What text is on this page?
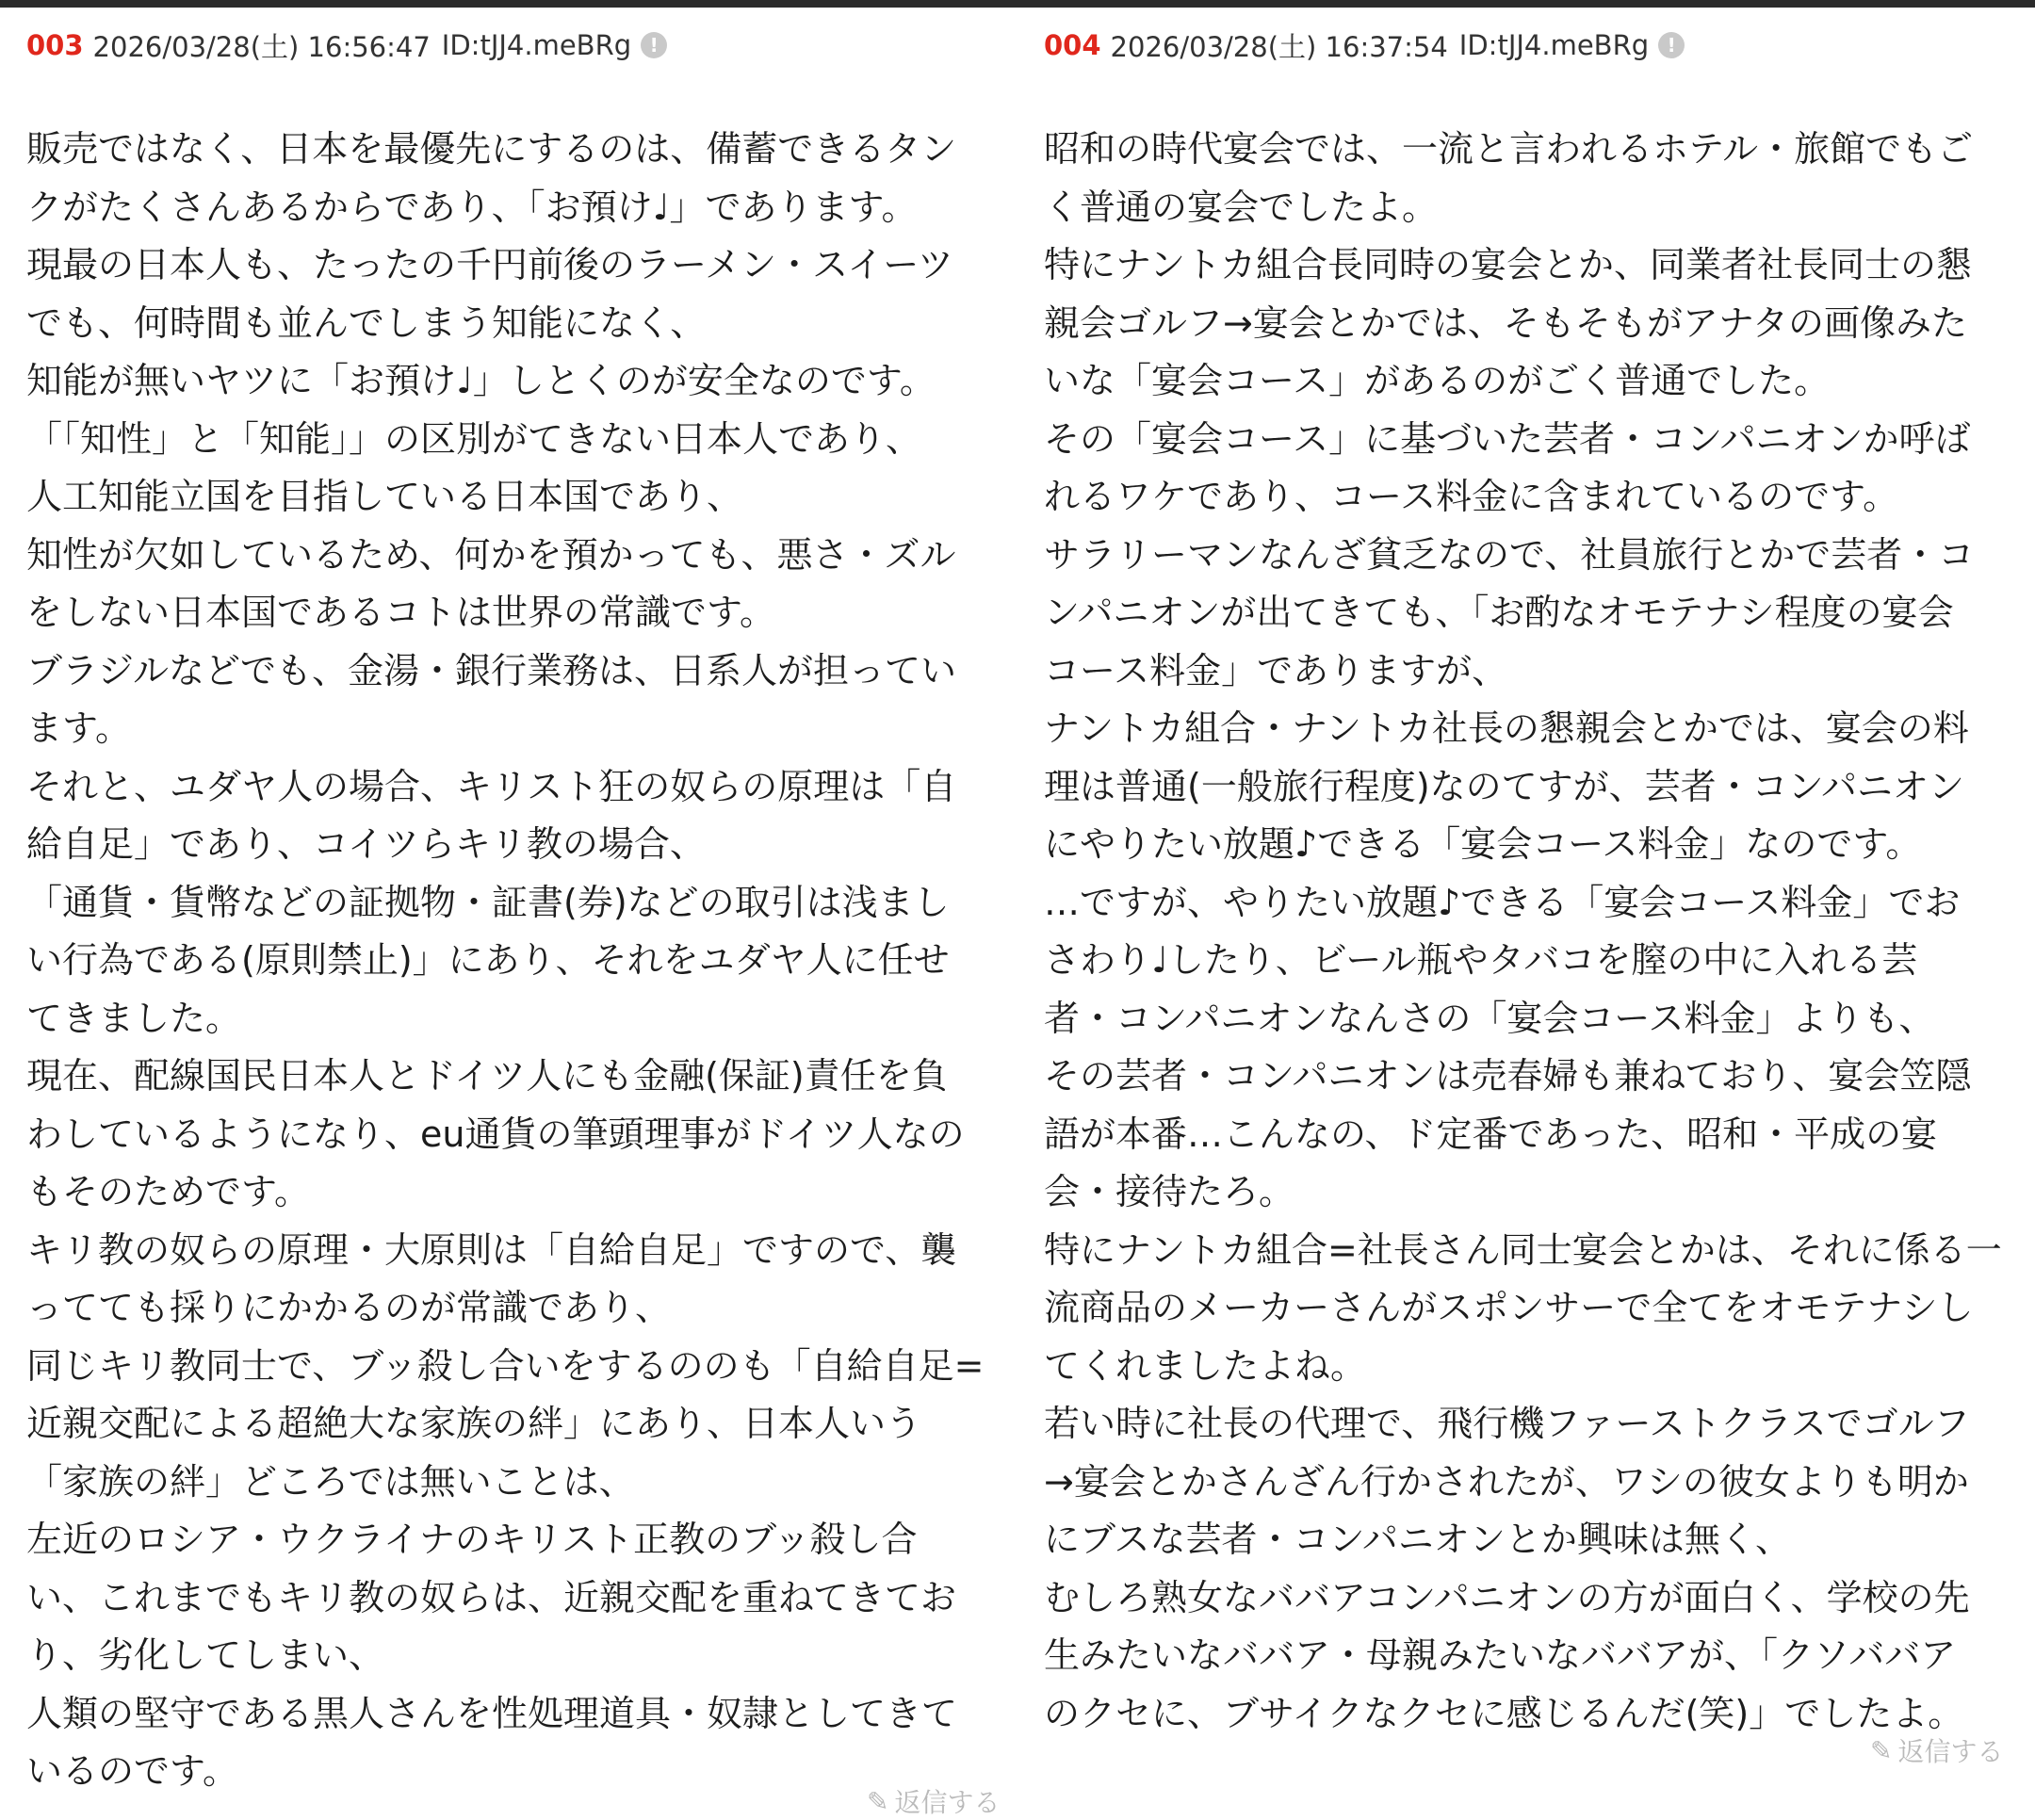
003 2026/03/28(土) 16:56:47 ID:tJJ4.meBRg !
販売ではなく、日本を最優先にするのは、備蓄できるタン
クがたくさんあるからであり、「お預け♩」であります。
現最の日本人も、たったの千円前後のラーメン・スイーツ
でも、何時間も並んでしまう知能になく、
知能が無いヤツに「お預け♩」しとくのが安全なのです。
「「知性」と「知能」」の区別がてきない日本人であり、
人工知能立国を目指している日本国であり、
知性が欠如しているため、何かを預かっても、悪さ・ズル
をしない日本国であるコトは世界の常識です。
ブラジルなどでも、金湯・銀行業務は、日系人が担ってい
ます。
それと、ユダヤ人の場合、キリスト狂の奴らの原理は「自
給自足」であり、コイツらキリ教の場合、
「通貨・貨幣などの証拠物・証書(券)などの取引は浅まし
い行為である(原則禁止)」にあり、それをユダヤ人に任せ
てきました。
現在、配線国民日本人とドイツ人にも金融(保証)責任を負
わしているようになり、eu通貨の筆頭理事がドイツ人なの
もそのためです。
キリ教の奴らの原理・大原則は「自給自足」ですので、襲
ってても採りにかかるのが常識であり、
同じキリ教同士で、ブッ殺し合いをするののも「自給自足=
近親交配による超絶大な家族の絆」にあり、日本人いう
「家族の絆」どころでは無いことは、
左近のロシア・ウクライナのキリスト正教のブッ殺し合
い、これまでもキリ教の奴らは、近親交配を重ねてきてお
り、劣化してしまい、
人類の堅守である黒人さんを性処理道具・奴隷としてきて
いるのです。
004 2026/03/28(土) 16:37:54 ID:tJJ4.meBRg !
昭和の時代宴会では、一流と言われるホテル・旅館でもご
く普通の宴会でしたよ。
特にナントカ組合長同時の宴会とか、同業者社長同士の懇
親会ゴルフ→宴会とかでは、そもそもがアナタの画像みた
いな「宴会コース」があるのがごく普通でした。
その「宴会コース」に基づいた芸者・コンパニオンか呼ば
れるワケであり、コース料金に含まれているのです。
サラリーマンなんざ貧乏なので、社員旅行とかで芸者・コ
ンパニオンが出てきても、「お酌なオモテナシ程度の宴会
コース料金」でありますが、
ナントカ組合・ナントカ社長の懇親会とかでは、宴会の料
理は普通(一般旅行程度)なのてすが、芸者・コンパニオン
にやりたい放題♪できる「宴会コース料金」なのです。
…ですが、やりたい放題♪できる「宴会コース料金」でお
さわり♩したり、ビール瓶やタバコを膣の中に入れる芸
者・コンパニオンなんさの「宴会コース料金」よりも、
その芸者・コンパニオンは売春婦も兼ねており、宴会笠隠
語が本番…こんなの、ド定番であった、昭和・平成の宴
会・接待たろ。
特にナントカ組合=社長さん同士宴会とかは、それに係る一
流商品のメーカーさんがスポンサーで全てをオモテナシし
てくれましたよね。
若い時に社長の代理で、飛行機ファーストクラスでゴルフ
→宴会とかさんざん行かされたが、ワシの彼女よりも明か
にブスな芸者・コンパニオンとか興味は無く、
むしろ熟女なババアコンパニオンの方が面白く、学校の先
生みたいなババア・母親みたいなババアが、「クソババア
のクセに、ブサイクなクセに感じるんだ(笑)」でしたよ。
✎ 返信する
✎ 返信する
